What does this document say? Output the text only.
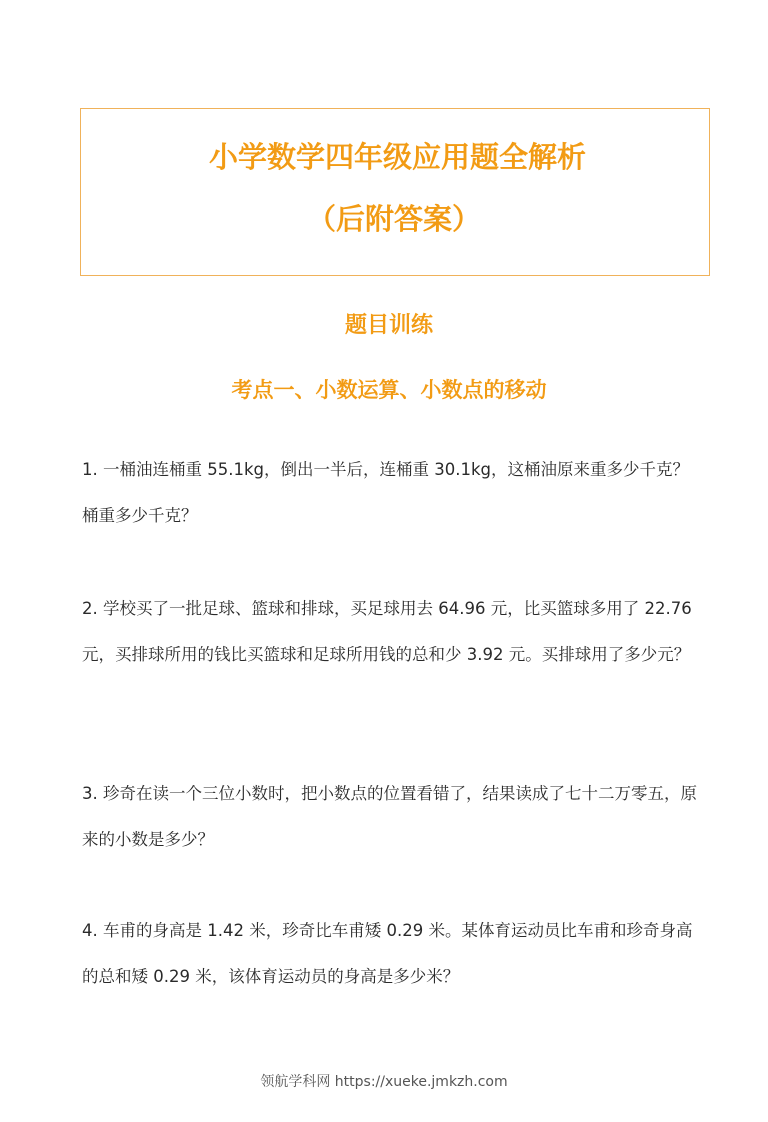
小学数学四年级应用题全解析
（后附答案）
题目训练
考点一、小数运算、小数点的移动
1. 一桶油连桶重 55.1kg，倒出一半后，连桶重 30.1kg，这桶油原来重多少千克？桶重多少千克？
2. 学校买了一批足球、篮球和排球，买足球用去 64.96 元，比买篮球多用了 22.76 元，买排球所用的钱比买篮球和足球所用钱的总和少 3.92 元。买排球用了多少元？
3. 珍奇在读一个三位小数时，把小数点的位置看错了，结果读成了七十二万零五，原来的小数是多少？
4. 车甫的身高是 1.42 米，珍奇比车甫矮 0.29 米。某体育运动员比车甫和珍奇身高的总和矮 0.29 米，该体育运动员的身高是多少米？
领航学科网 https://xueke.jmkzh.com
